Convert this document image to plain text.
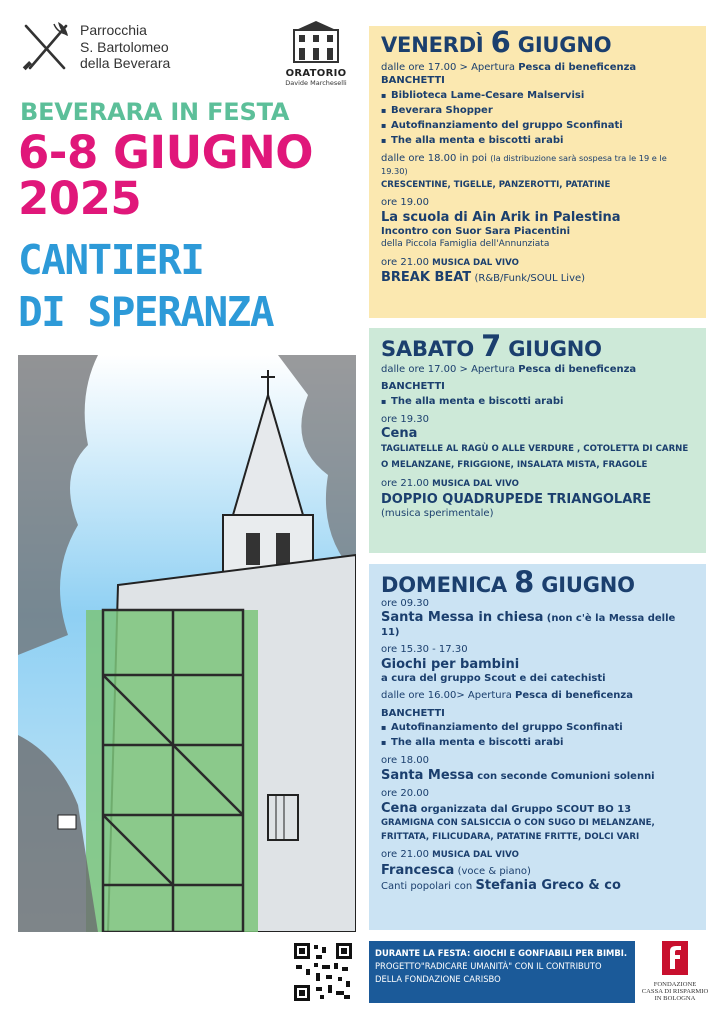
Parrocchia
S. Bartolomeo
della Beverara
ORATORIO
Davide Marcheselli
BEVERARA IN FESTA
6-8 GIUGNO
2025
CANTIERI
DI SPERANZA
VENERDÌ 6 GIUGNO
dalle ore 17.00 > Apertura Pesca di beneficenza
BANCHETTI
▪ Biblioteca Lame-Cesare Malservisi
▪ Beverara Shopper
▪ Autofinanziamento del gruppo Sconfinati
▪ The alla menta e biscotti arabi
dalle ore 18.00 in poi (la distribuzione sarà sospesa tra le 19 e le 19.30)
CRESCENTINE, TIGELLE, PANZEROTTI, PATATINE
ore 19.00
La scuola di Ain Arik in Palestina
Incontro con Suor Sara Piacentini
della Piccola Famiglia dell'Annunziata
ore 21.00 MUSICA DAL VIVO
BREAK BEAT (R&B/Funk/SOUL Live)
SABATO 7 GIUGNO
dalle ore 17.00 > Apertura Pesca di beneficenza
BANCHETTI
▪ The alla menta e biscotti arabi
ore 19.30
Cena
TAGLIATELLE AL RAGÙ O ALLE VERDURE , COTOLETTA DI CARNE O MELANZANE, FRIGGIONE, INSALATA MISTA, FRAGOLE
ore 21.00 MUSICA DAL VIVO
DOPPIO QUADRUPEDE TRIANGOLARE
(musica sperimentale)
DOMENICA 8 GIUGNO
ore 09.30
Santa Messa in chiesa (non c'è la Messa delle 11)
ore 15.30 - 17.30
Giochi per bambini
a cura del gruppo Scout e dei catechisti
dalle ore 16.00> Apertura Pesca di beneficenza
BANCHETTI
▪ Autofinanziamento del gruppo Sconfinati
▪ The alla menta e biscotti arabi
ore 18.00
Santa Messa con seconde Comunioni solenni
ore 20.00
Cena organizzata dal Gruppo SCOUT BO 13
GRAMIGNA CON SALSICCIA O CON SUGO DI MELANZANE, FRITTATA, FILICUDARA, PATATINE FRITTE, DOLCI VARI
ore 21.00 MUSICA DAL VIVO
Francesca (voce & piano)
Canti popolari con Stefania Greco & co
DURANTE LA FESTA: GIOCHI E GONFIABILI PER BIMBI.
PROGETTO"RADICARE UMANITÀ" CON IL CONTRIBUTO
DELLA FONDAZIONE CARISBO
FONDAZIONE
CASSA DI RISPARMIO
IN BOLOGNA
